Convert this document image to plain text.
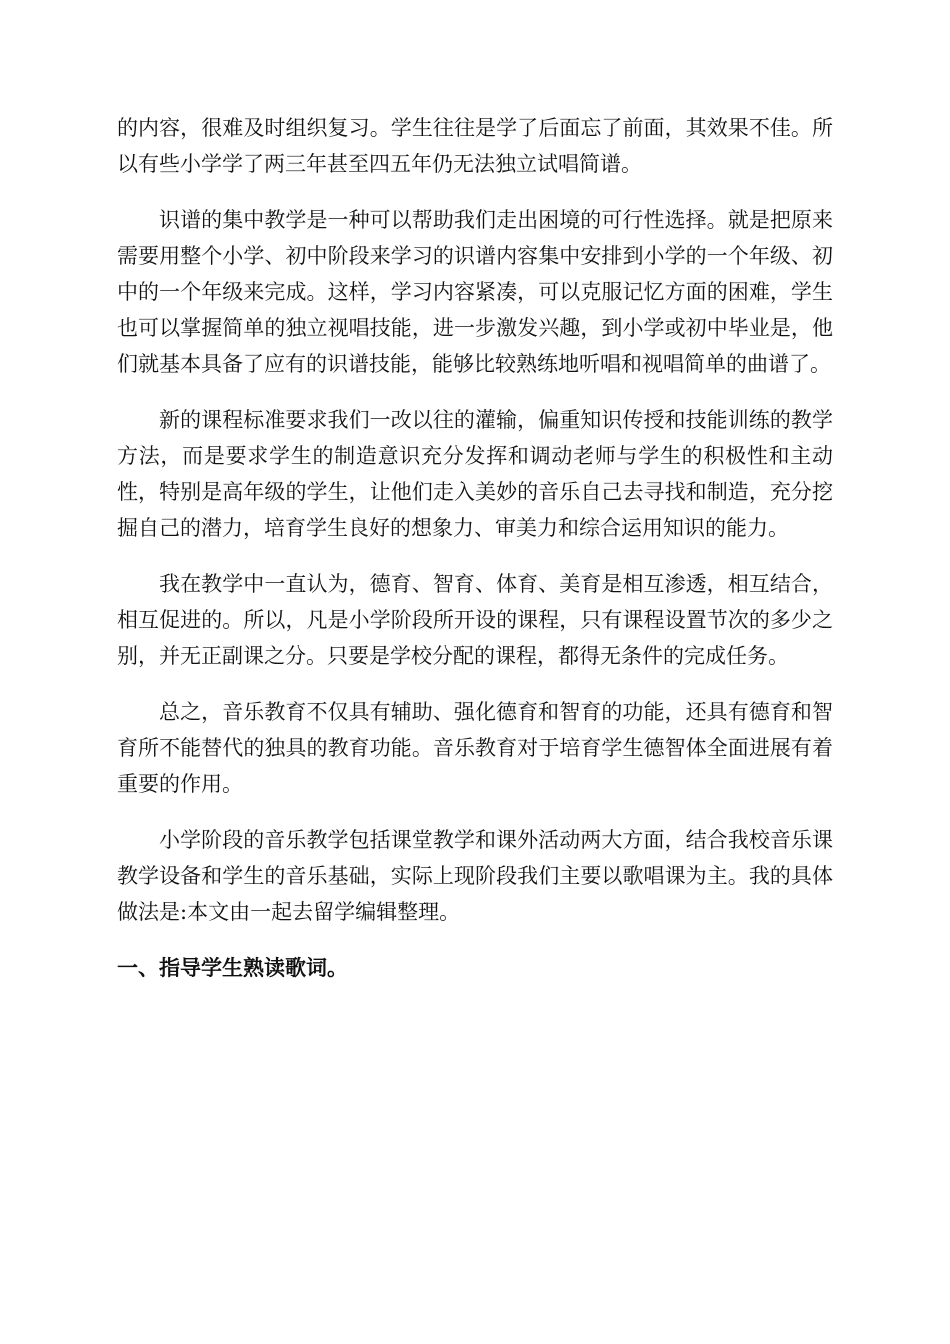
的内容，很难及时组织复习。学生往往是学了后面忘了前面，其效果不佳。所以有些小学学了两三年甚至四五年仍无法独立试唱简谱。

识谱的集中教学是一种可以帮助我们走出困境的可行性选择。就是把原来需要用整个小学、初中阶段来学习的识谱内容集中安排到小学的一个年级、初中的一个年级来完成。这样，学习内容紧凑，可以克服记忆方面的困难，学生也可以掌握简单的独立视唱技能，进一步激发兴趣，到小学或初中毕业是，他们就基本具备了应有的识谱技能，能够比较熟练地听唱和视唱简单的曲谱了。

新的课程标准要求我们一改以往的灌输，偏重知识传授和技能训练的教学方法，而是要求学生的制造意识充分发挥和调动老师与学生的积极性和主动性，特别是高年级的学生，让他们走入美妙的音乐自己去寻找和制造，充分挖掘自己的潜力，培育学生良好的想象力、审美力和综合运用知识的能力。

我在教学中一直认为，德育、智育、体育、美育是相互渗透，相互结合，相互促进的。所以，凡是小学阶段所开设的课程，只有课程设置节次的多少之别，并无正副课之分。只要是学校分配的课程，都得无条件的完成任务。

总之，音乐教育不仅具有辅助、强化德育和智育的功能，还具有德育和智育所不能替代的独具的教育功能。音乐教育对于培育学生德智体全面进展有着重要的作用。

小学阶段的音乐教学包括课堂教学和课外活动两大方面，结合我校音乐课教学设备和学生的音乐基础，实际上现阶段我们主要以歌唱课为主。我的具体做法是:本文由一起去留学编辑整理。

一、指导学生熟读歌词。
